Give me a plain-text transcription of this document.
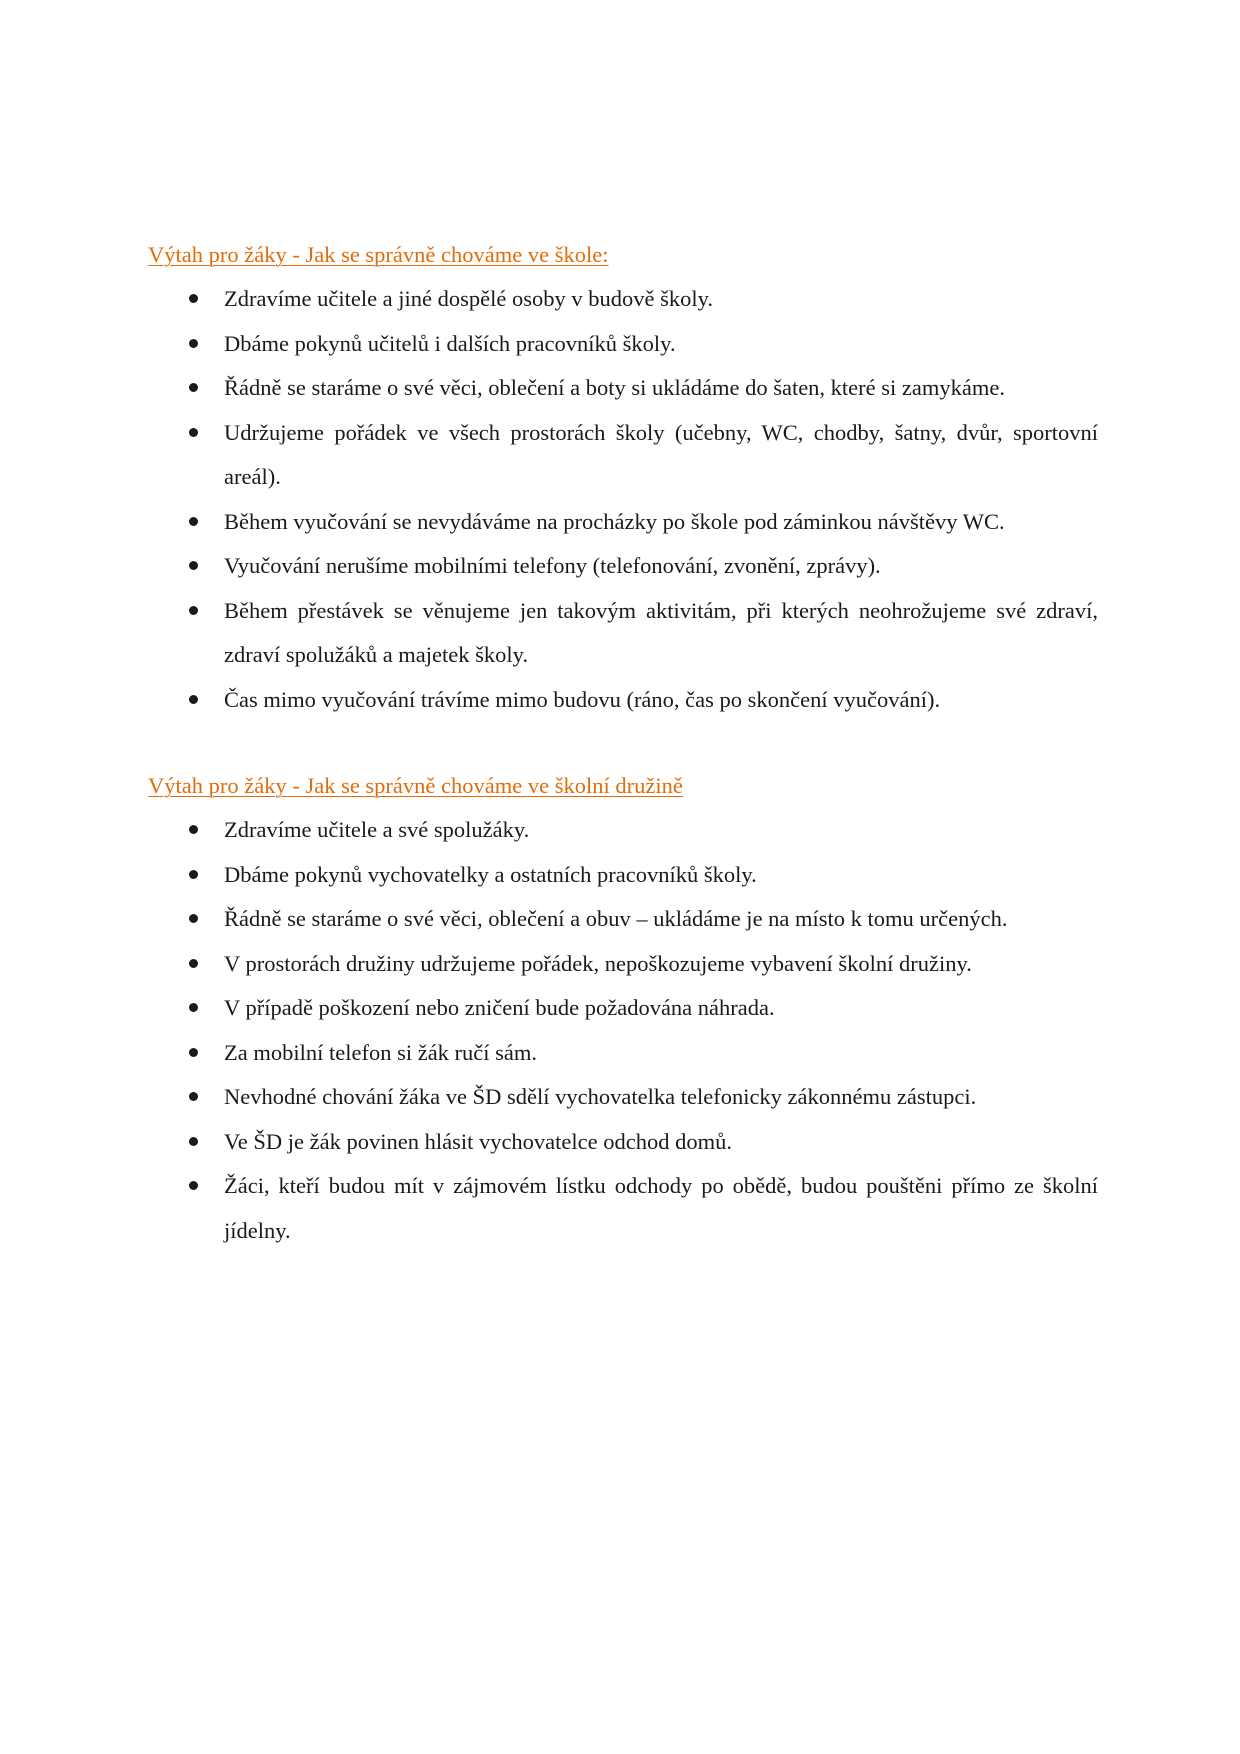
Výtah pro žáky - Jak se správně chováme ve škole:
Zdravíme učitele a jiné dospělé osoby v budově školy.
Dbáme pokynů učitelů i dalších pracovníků školy.
Řádně se staráme o své věci, oblečení a boty si ukládáme do šaten, které si zamykáme.
Udržujeme pořádek ve všech prostorách školy (učebny, WC, chodby, šatny, dvůr, sportovní areál).
Během vyučování se nevydáváme na procházky po škole pod záminkou návštěvy WC.
Vyučování nerušíme mobilními telefony (telefonování, zvonění, zprávy).
Během přestávek se věnujeme jen takovým aktivitám, při kterých neohrožujeme své zdraví, zdraví spolužáků a majetek školy.
Čas mimo vyučování trávíme mimo budovu (ráno, čas po skončení vyučování).
Výtah pro žáky - Jak se správně chováme ve školní družině
Zdravíme učitele a své spolužáky.
Dbáme pokynů vychovatelky a ostatních pracovníků školy.
Řádně se staráme o své věci, oblečení a obuv – ukládáme je na místo k tomu určených.
V prostorách družiny udržujeme pořádek, nepoškozujeme vybavení školní družiny.
V případě poškození nebo zničení bude požadována náhrada.
Za mobilní telefon si žák ručí sám.
Nevhodné chování žáka ve ŠD sdělí vychovatelka telefonicky zákonnému zástupci.
Ve ŠD je žák povinen hlásit vychovatelce odchod domů.
Žáci, kteří budou mít v zájmovém lístku odchody po obědě, budou pouštěni přímo ze školní jídelny.
